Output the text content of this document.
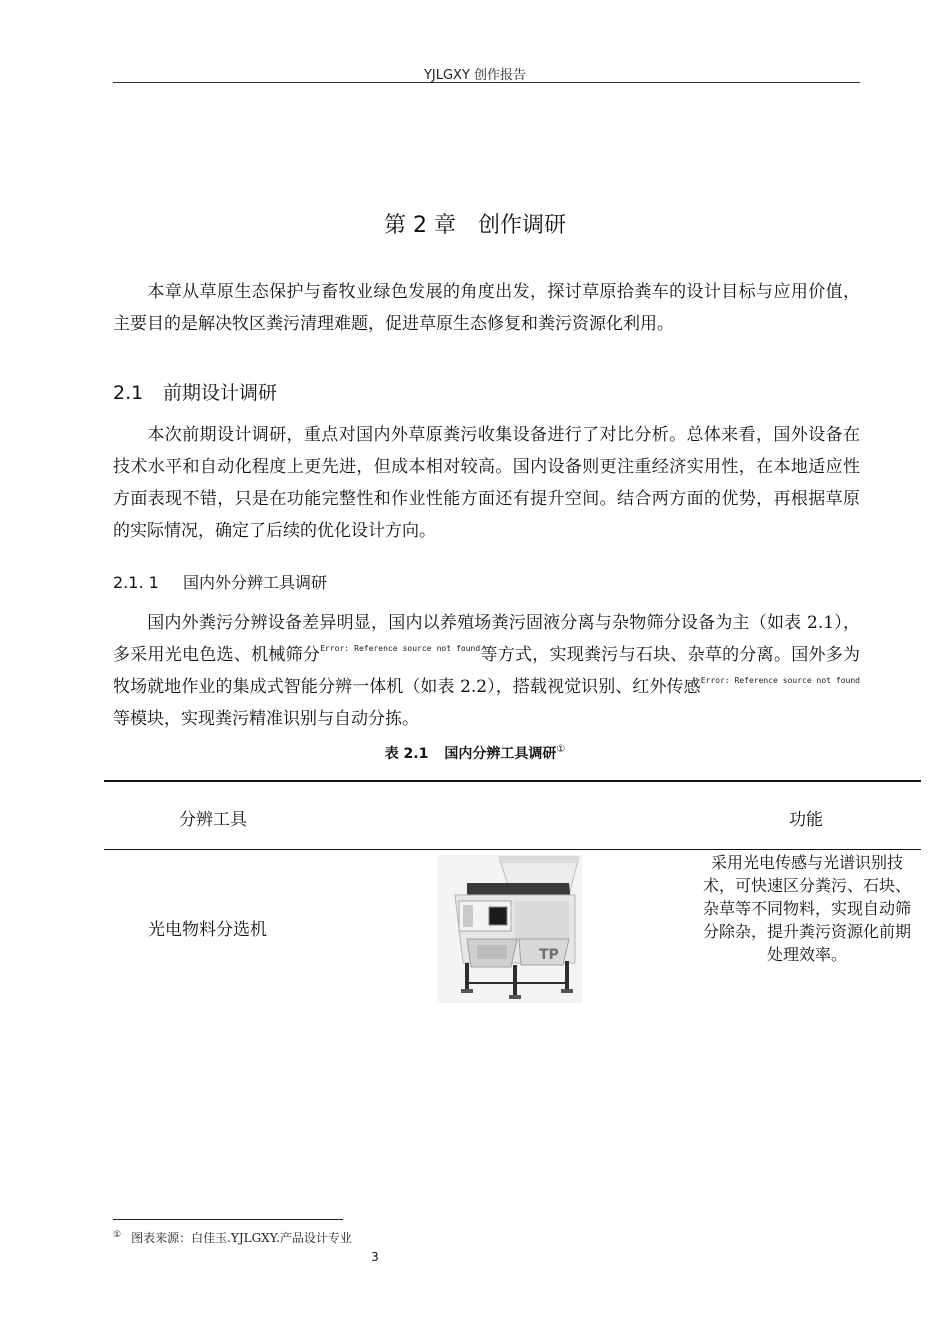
YJLGXY 创作报告
第 2 章 创作调研
本章从草原生态保护与畜牧业绿色发展的角度出发，探讨草原拾粪车的设计目标与应用价值，主要目的是解决牧区粪污清理难题，促进草原生态修复和粪污资源化利用。
2.1 前期设计调研
本次前期设计调研，重点对国内外草原粪污收集设备进行了对比分析。总体来看，国外设备在技术水平和自动化程度上更先进，但成本相对较高。国内设备则更注重经济实用性，在本地适应性方面表现不错，只是在功能完整性和作业性能方面还有提升空间。结合两方面的优势，再根据草原的实际情况，确定了后续的优化设计方向。
2.1. 1 国内外分辨工具调研
国内外粪污分辨设备差异明显，国内以养殖场粪污固液分离与杂物筛分设备为主（如表 2.1），多采用光电色选、机械筛分$^{Error: Reference source not found}$等方式，实现粪污与石块、杂草的分离。国外多为牧场就地作业的集成式智能分辨一体机（如表 2.2），搭载视觉识别、红外传感$^{Error: Reference source not found}$等模块，实现粪污精准识别与自动分拣。
表 2.1 国内分辨工具调研①
分辨工具	功能
光电物料分选机
TP
采用光电传感与光谱识别技术，可快速区分粪污、石块、杂草等不同物料，实现自动筛分除杂，提升粪污资源化前期处理效率。
① 图表来源：白佳玉.YJLGXY.产品设计专业
3
